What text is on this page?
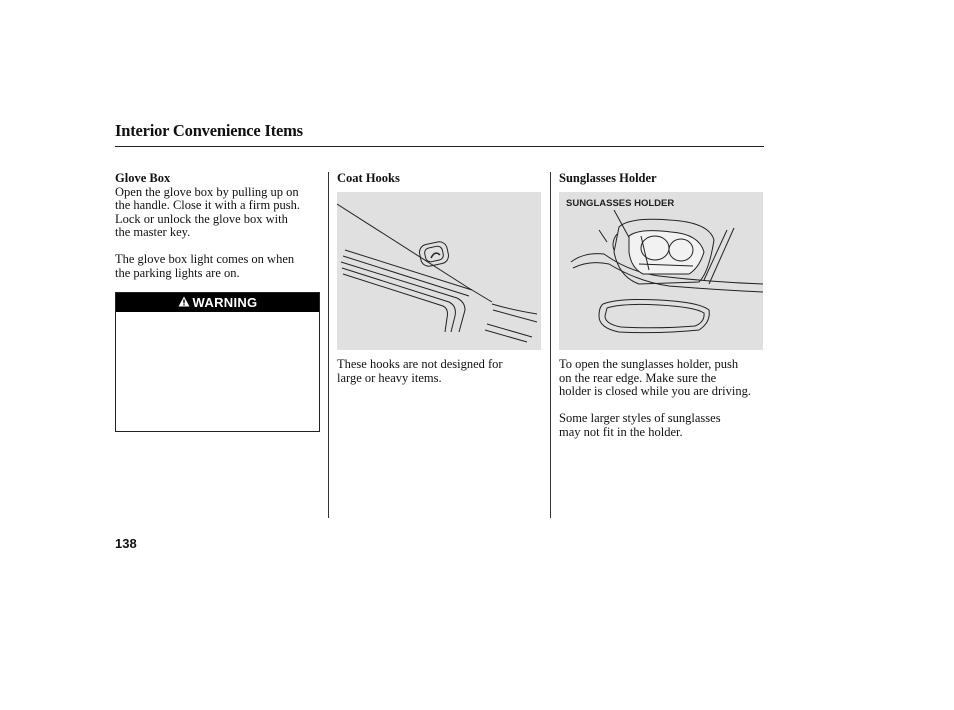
Interior Convenience Items
Glove Box

Open the glove box by pulling up on
the handle. Close it with a firm push.
Lock or unlock the glove box with
the master key.

The glove box light comes on when
the parking lights are on.

WARNING
Coat Hooks

These hooks are not designed for
large or heavy items.

Sunglasses Holder
SUNGLASSES HOLDER

To open the sunglasses holder, push
on the rear edge. Make sure the
holder is closed while you are driving.

Some larger styles of sunglasses
may not fit in the holder.

138
